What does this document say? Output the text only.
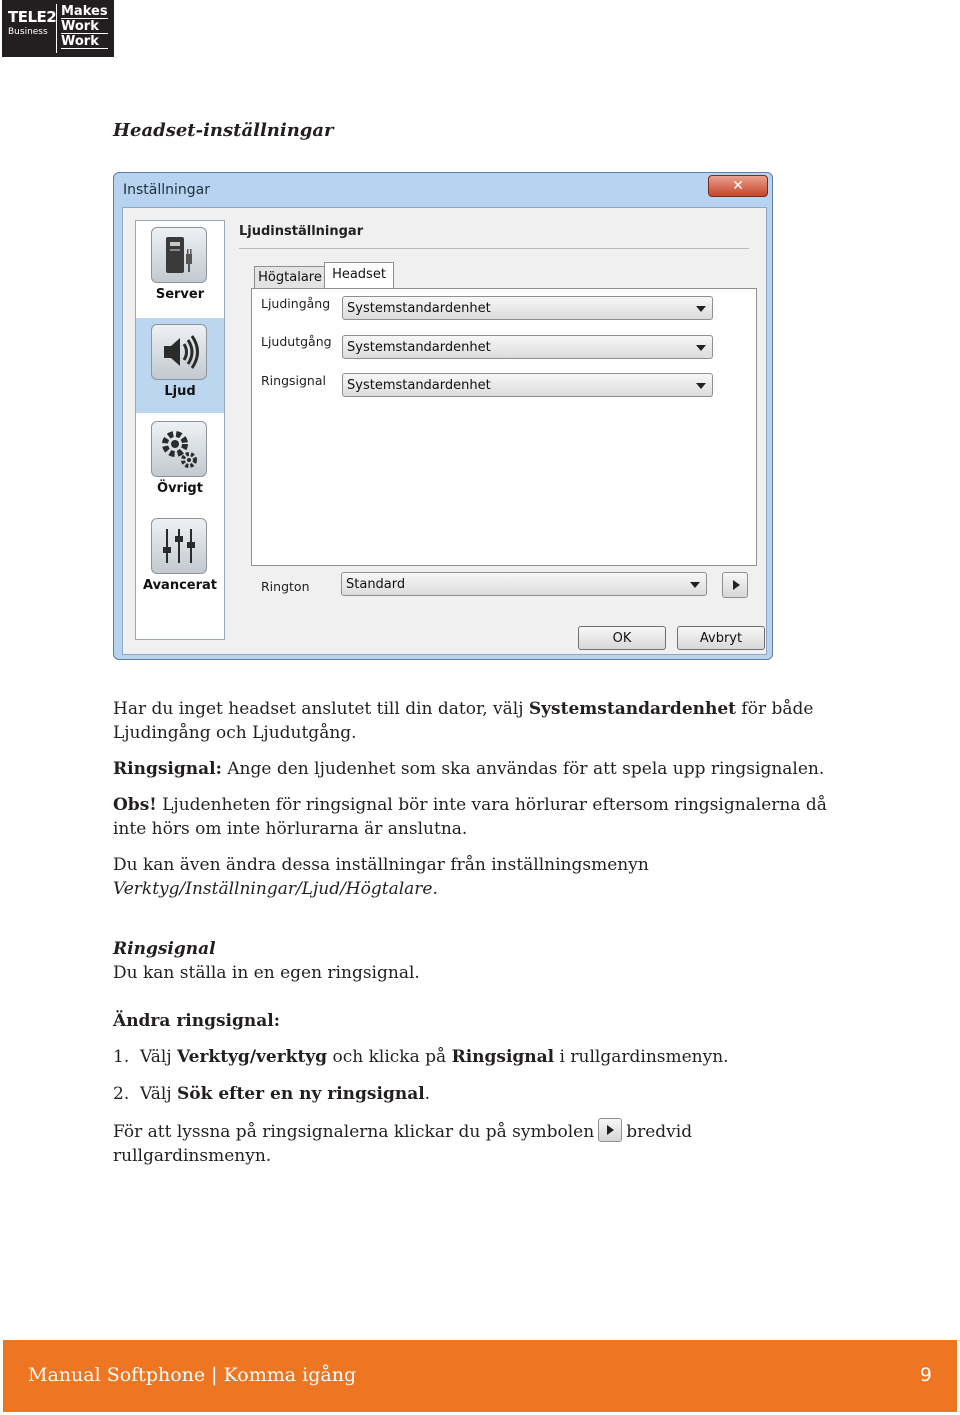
TELE2
Business
Makes
Work
Work
Headset-inställningar
Inställningar	✕
Server
Ljud
Övrigt
Avancerat
Ljudinställningar
Högtalare Headset
Ljudingång	Systemstandardenhet
Ljudutgång	Systemstandardenhet
Ringsignal	Systemstandardenhet
Rington	Standard
OK	Avbryt
Har du inget headset anslutet till din dator, välj Systemstandardenhet för både
Ljudingång och Ljudutgång.
Ringsignal: Ange den ljudenhet som ska användas för att spela upp ringsignalen.
Obs! Ljudenheten för ringsignal bör inte vara hörlurar eftersom ringsignalerna då
inte hörs om inte hörlurarna är anslutna.
Du kan även ändra dessa inställningar från inställningsmenyn
Verktyg/Inställningar/Ljud/Högtalare.
Ringsignal
Du kan ställa in en egen ringsignal.
Ändra ringsignal:
1. Välj Verktyg/verktyg och klicka på Ringsignal i rullgardinsmenyn.
2. Välj Sök efter en ny ringsignal.
För att lyssna på ringsignalerna klickar du på symbolen bredvid
rullgardinsmenyn.
Manual Softphone | Komma igång	9
